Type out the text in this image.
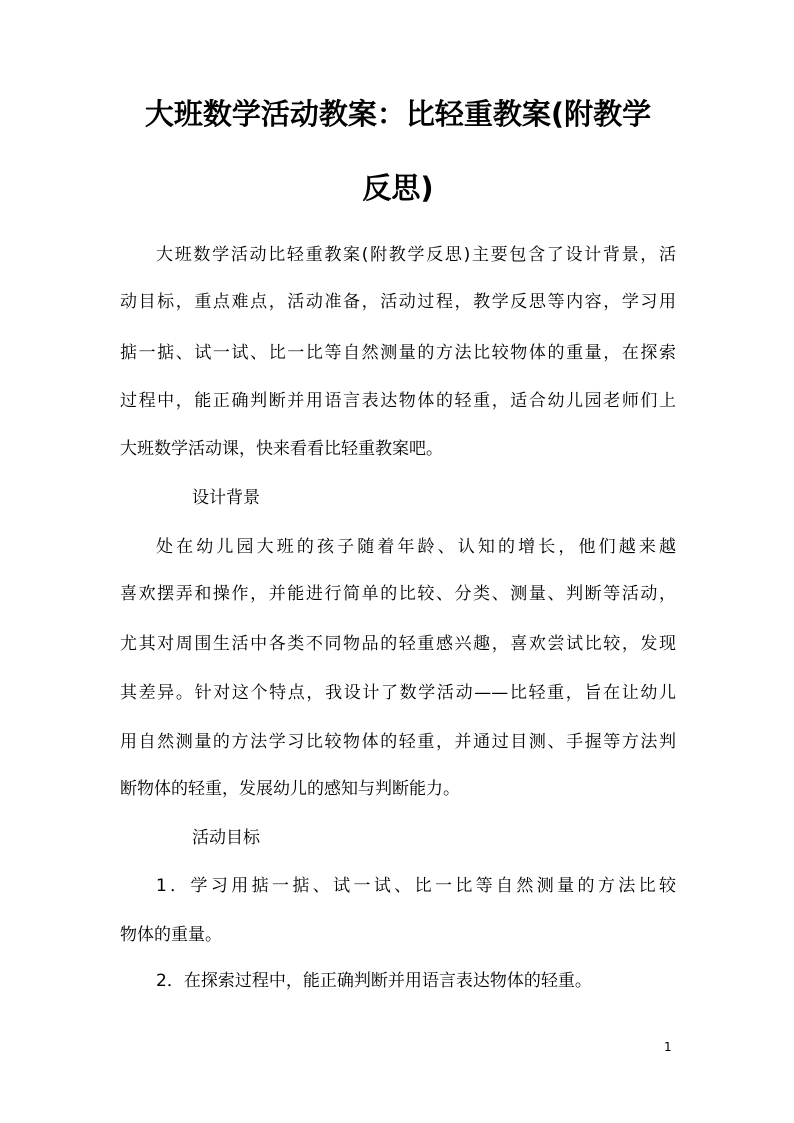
大班数学活动教案：比轻重教案(附教学
反思)

大班数学活动比轻重教案(附教学反思)主要包含了设计背景，活

动目标，重点难点，活动准备，活动过程，教学反思等内容，学习用

掂一掂、试一试、比一比等自然测量的方法比较物体的重量，在探索

过程中，能正确判断并用语言表达物体的轻重，适合幼儿园老师们上

大班数学活动课，快来看看比轻重教案吧。

设计背景

处在幼儿园大班的孩子随着年龄、认知的增长，他们越来越

喜欢摆弄和操作，并能进行简单的比较、分类、测量、判断等活动，

尤其对周围生活中各类不同物品的轻重感兴趣，喜欢尝试比较，发现

其差异。针对这个特点，我设计了数学活动——比轻重，旨在让幼儿

用自然测量的方法学习比较物体的轻重，并通过目测、手握等方法判

断物体的轻重，发展幼儿的感知与判断能力。

活动目标

1．学习用掂一掂、试一试、比一比等自然测量的方法比较

物体的重量。

2．在探索过程中，能正确判断并用语言表达物体的轻重。

1
